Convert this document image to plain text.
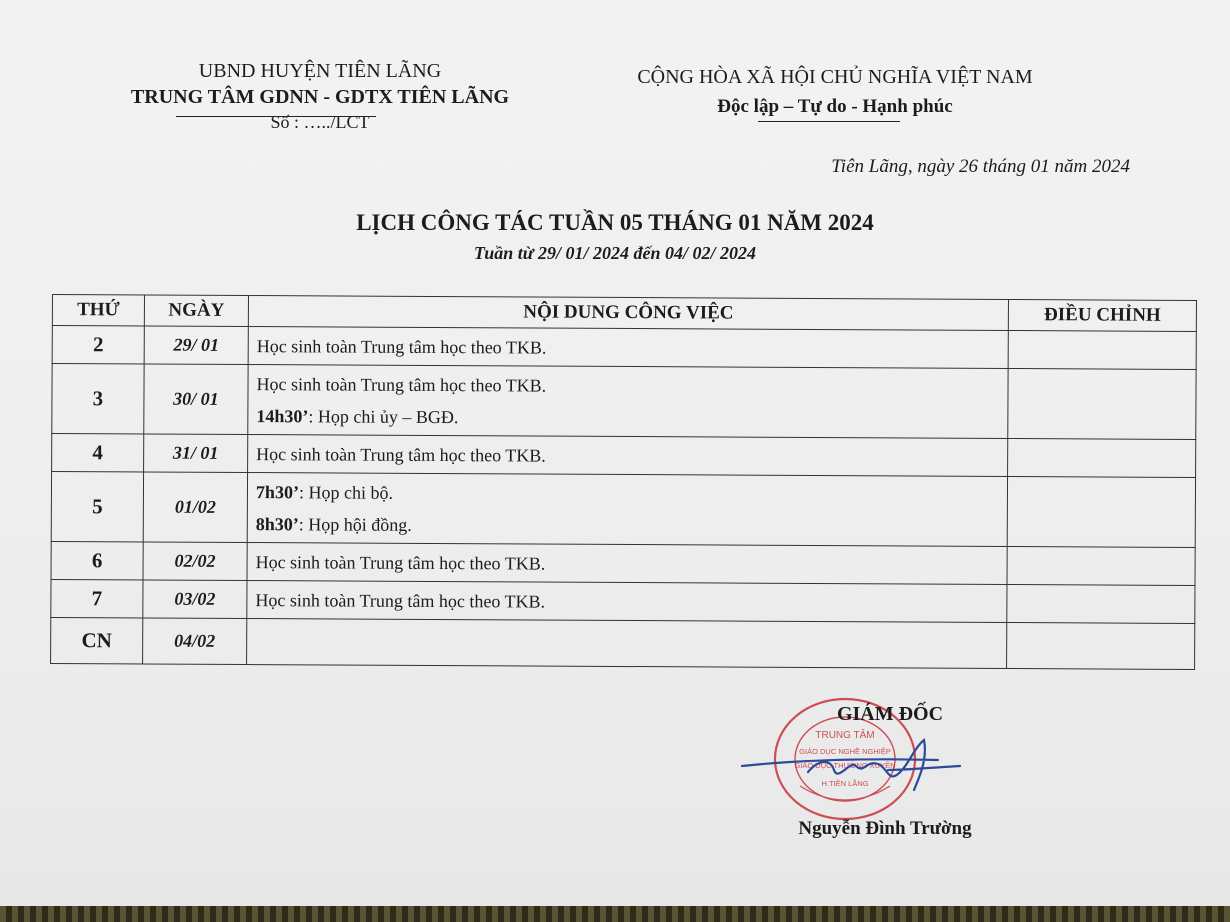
UBND HUYỆN TIÊN LÃNG
TRUNG TÂM GDNN - GDTX TIÊN LÃNG
Số : …../LCT
CỘNG HÒA XÃ HỘI CHỦ NGHĨA VIỆT NAM
Độc lập – Tự do - Hạnh phúc
Tiên Lãng, ngày 26 tháng 01 năm 2024
LỊCH CÔNG TÁC TUẦN 05 THÁNG 01 NĂM 2024
Tuần từ 29/ 01/ 2024 đến 04/ 02/ 2024
THỨ	NGÀY	NỘI DUNG CÔNG VIỆC	ĐIỀU CHỈNH
2	29/ 01	Học sinh toàn Trung tâm học theo TKB.	

3	30/ 01	Học sinh toàn Trung tâm học theo TKB.
14h30’: Họp chi ủy – BGĐ.	

4	31/ 01	Học sinh toàn Trung tâm học theo TKB.	

5	01/02	7h30’: Họp chi bộ.
8h30’: Họp hội đồng.	

6	02/02	Học sinh toàn Trung tâm học theo TKB.	

7	03/02	Học sinh toàn Trung tâm học theo TKB.	

CN	04/02		
TRUNG TÂM
GIÁO DỤC NGHỀ NGHIỆP
GIÁO DỤC THƯỜNG XUYÊN
H.TIÊN LÃNG
GIÁM ĐỐC
Nguyễn Đình Trường
